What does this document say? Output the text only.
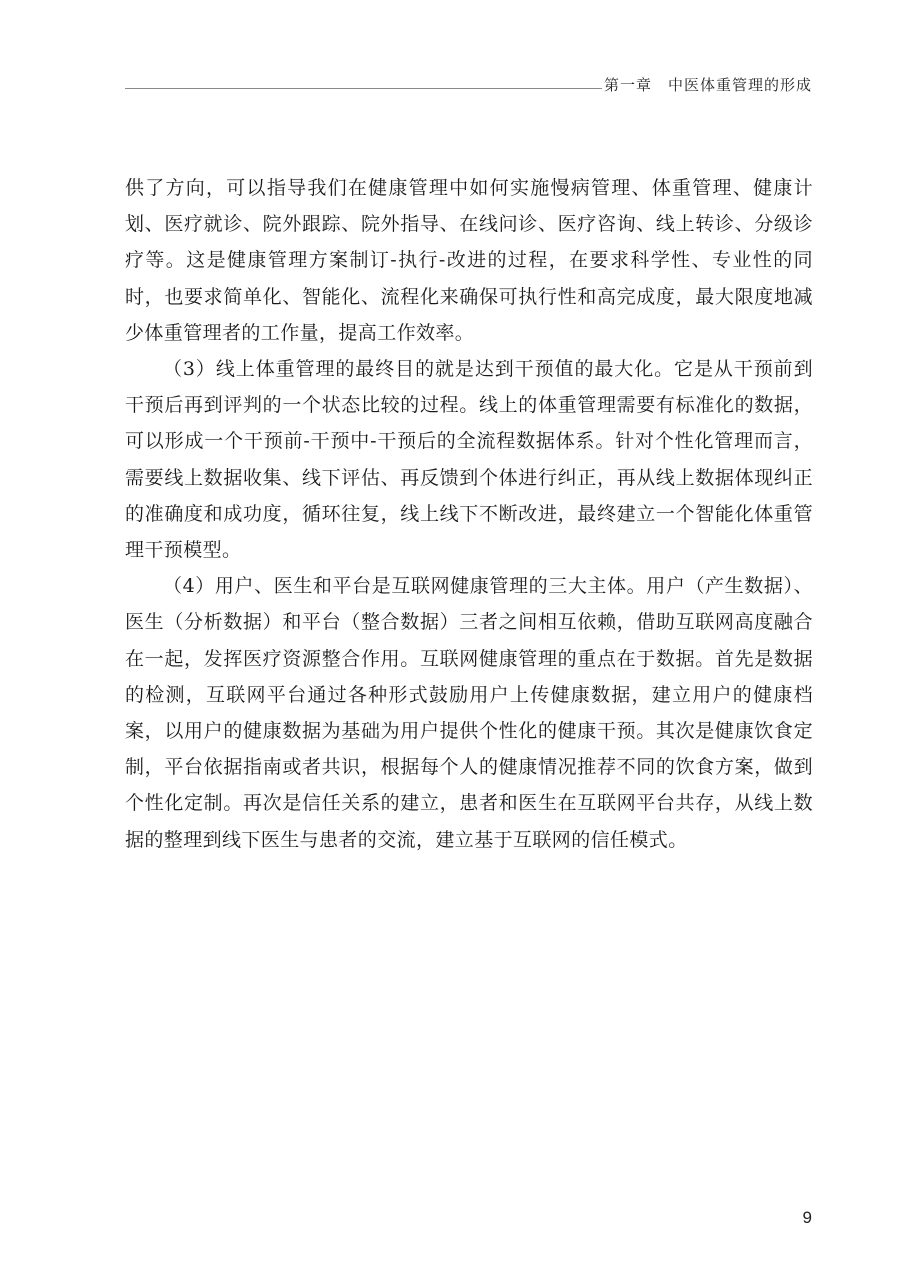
第一章　中医体重管理的形成

供了方向，可以指导我们在健康管理中如何实施慢病管理、体重管理、健康计划、医疗就诊、院外跟踪、院外指导、在线问诊、医疗咨询、线上转诊、分级诊疗等。这是健康管理方案制订-执行-改进的过程，在要求科学性、专业性的同时，也要求简单化、智能化、流程化来确保可执行性和高完成度，最大限度地减少体重管理者的工作量，提高工作效率。

（3）线上体重管理的最终目的就是达到干预值的最大化。它是从干预前到干预后再到评判的一个状态比较的过程。线上的体重管理需要有标准化的数据，可以形成一个干预前-干预中-干预后的全流程数据体系。针对个性化管理而言，需要线上数据收集、线下评估、再反馈到个体进行纠正，再从线上数据体现纠正的准确度和成功度，循环往复，线上线下不断改进，最终建立一个智能化体重管理干预模型。

（4）用户、医生和平台是互联网健康管理的三大主体。用户（产生数据）、医生（分析数据）和平台（整合数据）三者之间相互依赖，借助互联网高度融合在一起，发挥医疗资源整合作用。互联网健康管理的重点在于数据。首先是数据的检测，互联网平台通过各种形式鼓励用户上传健康数据，建立用户的健康档案，以用户的健康数据为基础为用户提供个性化的健康干预。其次是健康饮食定制，平台依据指南或者共识，根据每个人的健康情况推荐不同的饮食方案，做到个性化定制。再次是信任关系的建立，患者和医生在互联网平台共存，从线上数据的整理到线下医生与患者的交流，建立基于互联网的信任模式。

9
